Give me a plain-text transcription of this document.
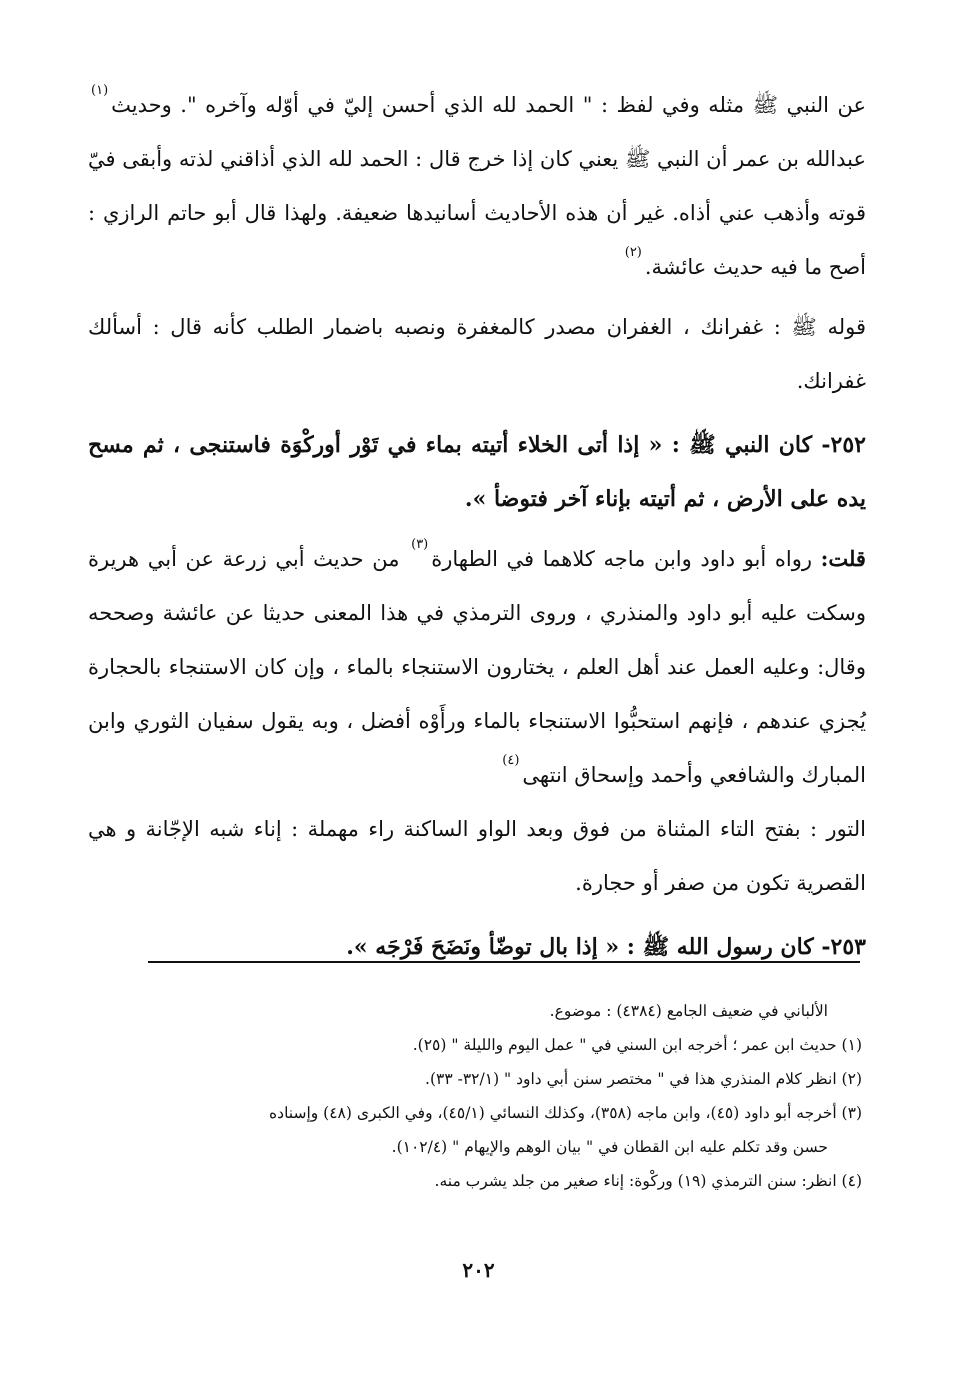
عن النبي ﷺ مثله وفي لفظ : " الحمد لله الذي أحسن إليّ في أوّله وآخره ". وحديث$^{(١)}$ عبدالله بن عمر أن النبي ﷺ يعني كان إذا خرج قال : الحمد لله الذي أذاقني لذته وأبقى فيّ قوته وأذهب عني أذاه. غير أن هذه الأحاديث أسانيدها ضعيفة. ولهذا قال أبو حاتم الرازي : أصح ما فيه حديث عائشة.$^{(٢)}$

قوله ﷺ : غفرانك ، الغفران مصدر كالمغفرة ونصبه باضمار الطلب كأنه قال : أسألك غفرانك.

٢٥٢- كان النبي ﷺ : « إذا أتى الخلاء أتيته بماء في تَوْر أوركْوَة فاستنجى ، ثم مسح يده على الأرض ، ثم أتيته بإناء آخر فتوضأ ».

قلت: رواه أبو داود وابن ماجه كلاهما في الطهارة$^{(٣)}$ من حديث أبي زرعة عن أبي هريرة وسكت عليه أبو داود والمنذري ، وروى الترمذي في هذا المعنى حديثا عن عائشة وصححه وقال: وعليه العمل عند أهل العلم ، يختارون الاستنجاء بالماء ، وإن كان الاستنجاء بالحجارة يُجزي عندهم ، فإنهم استحبُّوا الاستنجاء بالماء ورأَوْه أفضل ، وبه يقول سفيان الثوري وابن المبارك والشافعي وأحمد وإسحاق انتهى$^{(٤)}$

التور : بفتح التاء المثناة من فوق وبعد الواو الساكنة راء مهملة : إناء شبه الإجّانة و هي القصرية تكون من صفر أو حجارة.

٢٥٣- كان رسول الله ﷺ : « إذا بال توضّأ ونَضَحَ فَرْجَه ».

الألباني في ضعيف الجامع (٤٣٨٤) : موضوع.

(١) حديث ابن عمر ؛ أخرجه ابن السني في " عمل اليوم والليلة " (٢٥).

(٢) انظر كلام المنذري هذا في " مختصر سنن أبي داود " (٣٢/١- ٣٣).

(٣) أخرجه أبو داود (٤٥)، وابن ماجه (٣٥٨)، وكذلك النسائي (٤٥/١)، وفي الكبرى (٤٨) وإسناده

حسن وقد تكلم عليه ابن القطان في " بيان الوهم والإيهام " (١٠٢/٤).

(٤) انظر: سنن الترمذي (١٩) وركْوة: إناء صغير من جلد يشرب منه.

٢٠٢
